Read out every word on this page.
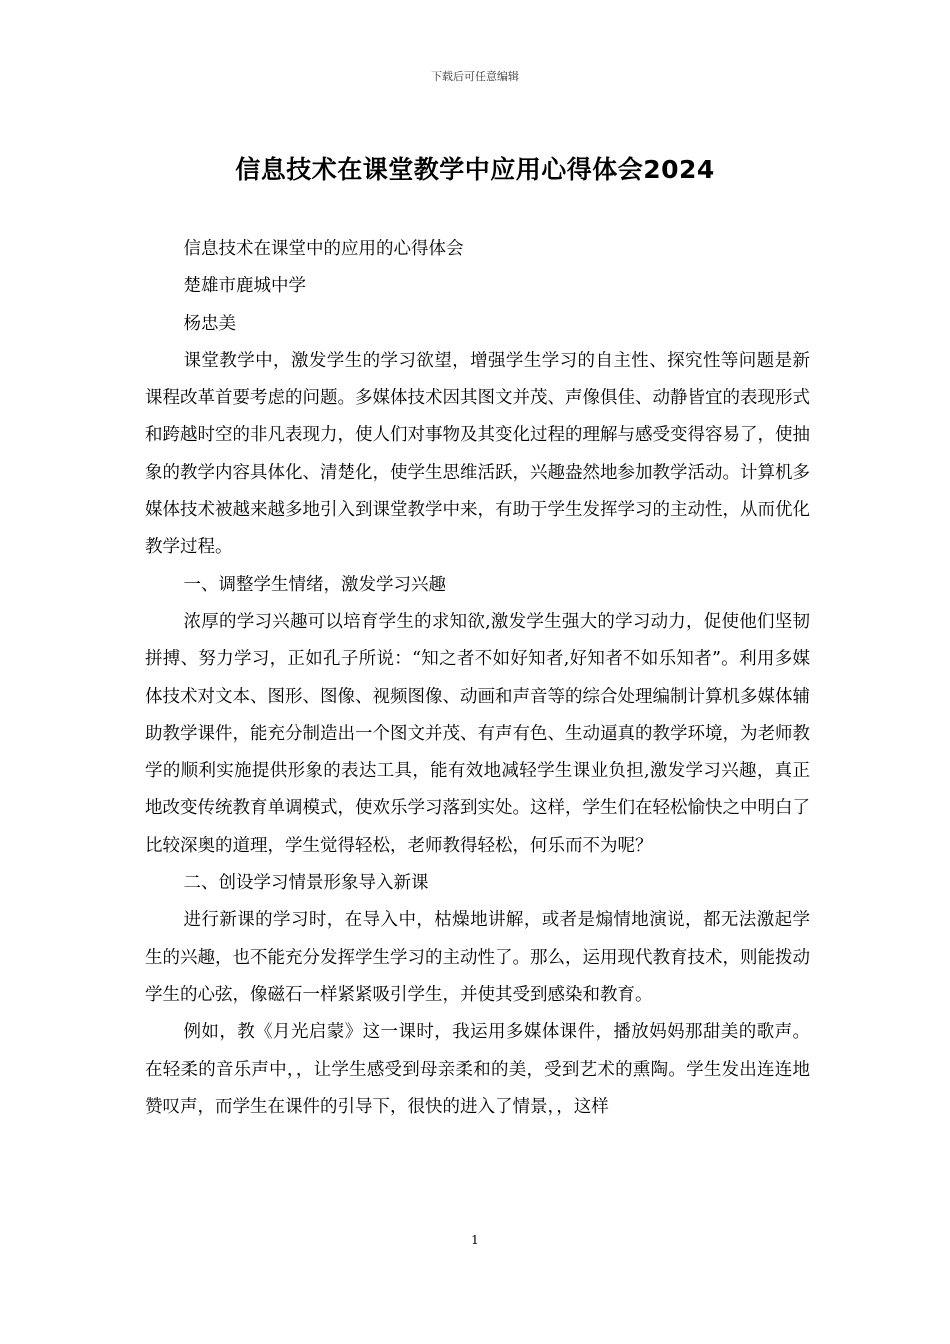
下载后可任意编辑
信息技术在课堂教学中应用心得体会2024

信息技术在课堂中的应用的心得体会

楚雄市鹿城中学

杨忠美

课堂教学中，激发学生的学习欲望，增强学生学习的自主性、探究性等问题是新课程改革首要考虑的问题。多媒体技术因其图文并茂、声像俱佳、动静皆宜的表现形式和跨越时空的非凡表现力，使人们对事物及其变化过程的理解与感受变得容易了，使抽象的教学内容具体化、清楚化，使学生思维活跃，兴趣盎然地参加教学活动。计算机多媒体技术被越来越多地引入到课堂教学中来，有助于学生发挥学习的主动性，从而优化教学过程。

一、调整学生情绪，激发学习兴趣

浓厚的学习兴趣可以培育学生的求知欲,激发学生强大的学习动力，促使他们坚韧拼搏、努力学习，正如孔子所说：“知之者不如好知者,好知者不如乐知者”。利用多媒体技术对文本、图形、图像、视频图像、动画和声音等的综合处理编制计算机多媒体辅助教学课件，能充分制造出一个图文并茂、有声有色、生动逼真的教学环境，为老师教学的顺利实施提供形象的表达工具，能有效地减轻学生课业负担,激发学习兴趣，真正地改变传统教育单调模式，使欢乐学习落到实处。这样，学生们在轻松愉快之中明白了比较深奥的道理，学生觉得轻松，老师教得轻松，何乐而不为呢？

二、创设学习情景形象导入新课

进行新课的学习时，在导入中，枯燥地讲解，或者是煽情地演说，都无法激起学生的兴趣，也不能充分发挥学生学习的主动性了。那么，运用现代教育技术，则能拨动学生的心弦，像磁石一样紧紧吸引学生，并使其受到感染和教育。

例如，教《月光启蒙》这一课时，我运用多媒体课件，播放妈妈那甜美的歌声。在轻柔的音乐声中，，让学生感受到母亲柔和的美，受到艺术的熏陶。学生发出连连地赞叹声，而学生在课件的引导下，很快的进入了情景，，这样

1
